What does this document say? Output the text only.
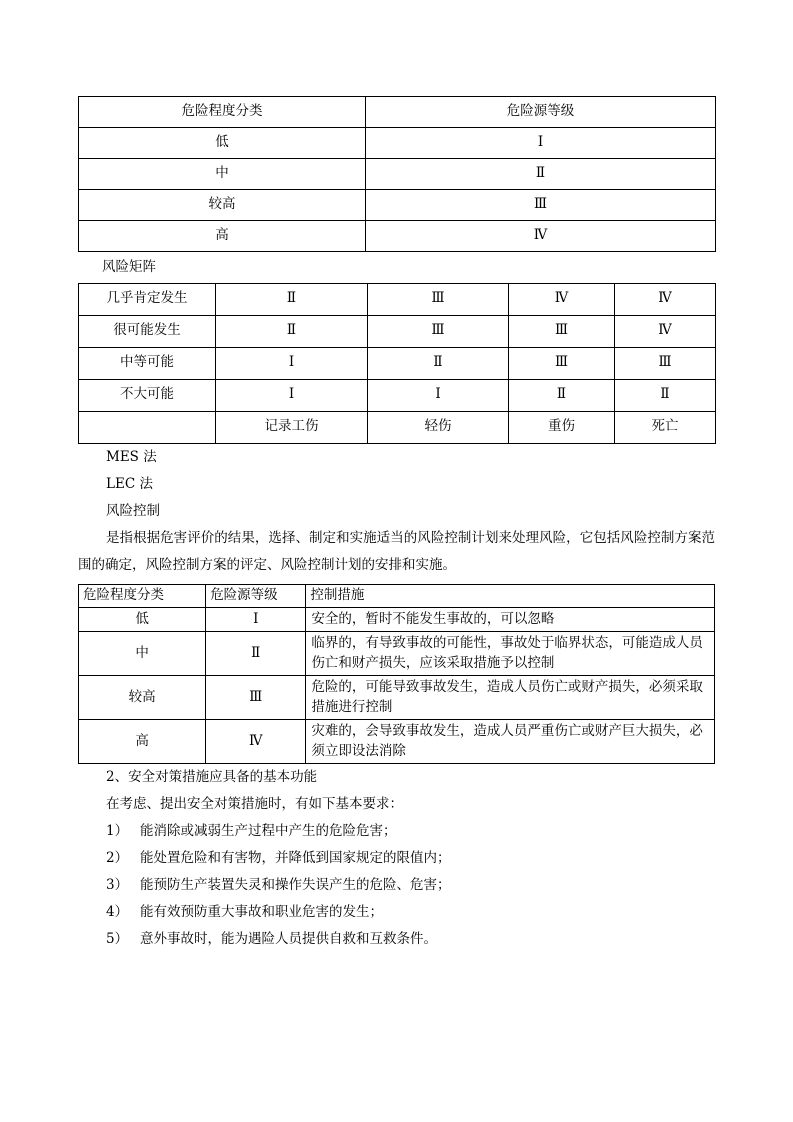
危险程度分类	危险源等级
低	Ⅰ
中	Ⅱ
较高	Ⅲ
高	Ⅳ
风险矩阵
几乎肯定发生	Ⅱ	Ⅲ	Ⅳ	Ⅳ
很可能发生	Ⅱ	Ⅲ	Ⅲ	Ⅳ
中等可能	Ⅰ	Ⅱ	Ⅲ	Ⅲ
不大可能	Ⅰ	Ⅰ	Ⅱ	Ⅱ
	记录工伤	轻伤	重伤	死亡
MES 法
LEC 法
风险控制
是指根据危害评价的结果，选择、制定和实施适当的风险控制计划来处理风险，它包括风险控制方案范围的确定，风险控制方案的评定、风险控制计划的安排和实施。
危险程度分类	危险源等级	控制措施
低	Ⅰ	安全的，暂时不能发生事故的，可以忽略
中	Ⅱ	临界的，有导致事故的可能性，事故处于临界状态，可能造成人员伤亡和财产损失，应该采取措施予以控制
较高	Ⅲ	危险的，可能导致事故发生，造成人员伤亡或财产损失，必须采取措施进行控制
高	Ⅳ	灾难的，会导致事故发生，造成人员严重伤亡或财产巨大损失，必须立即设法消除
2、安全对策措施应具备的基本功能
在考虑、提出安全对策措施时，有如下基本要求：
1） 能消除或减弱生产过程中产生的危险危害；
2） 能处置危险和有害物，并降低到国家规定的限值内；
3） 能预防生产装置失灵和操作失误产生的危险、危害；
4） 能有效预防重大事故和职业危害的发生；
5） 意外事故时，能为遇险人员提供自救和互救条件。
